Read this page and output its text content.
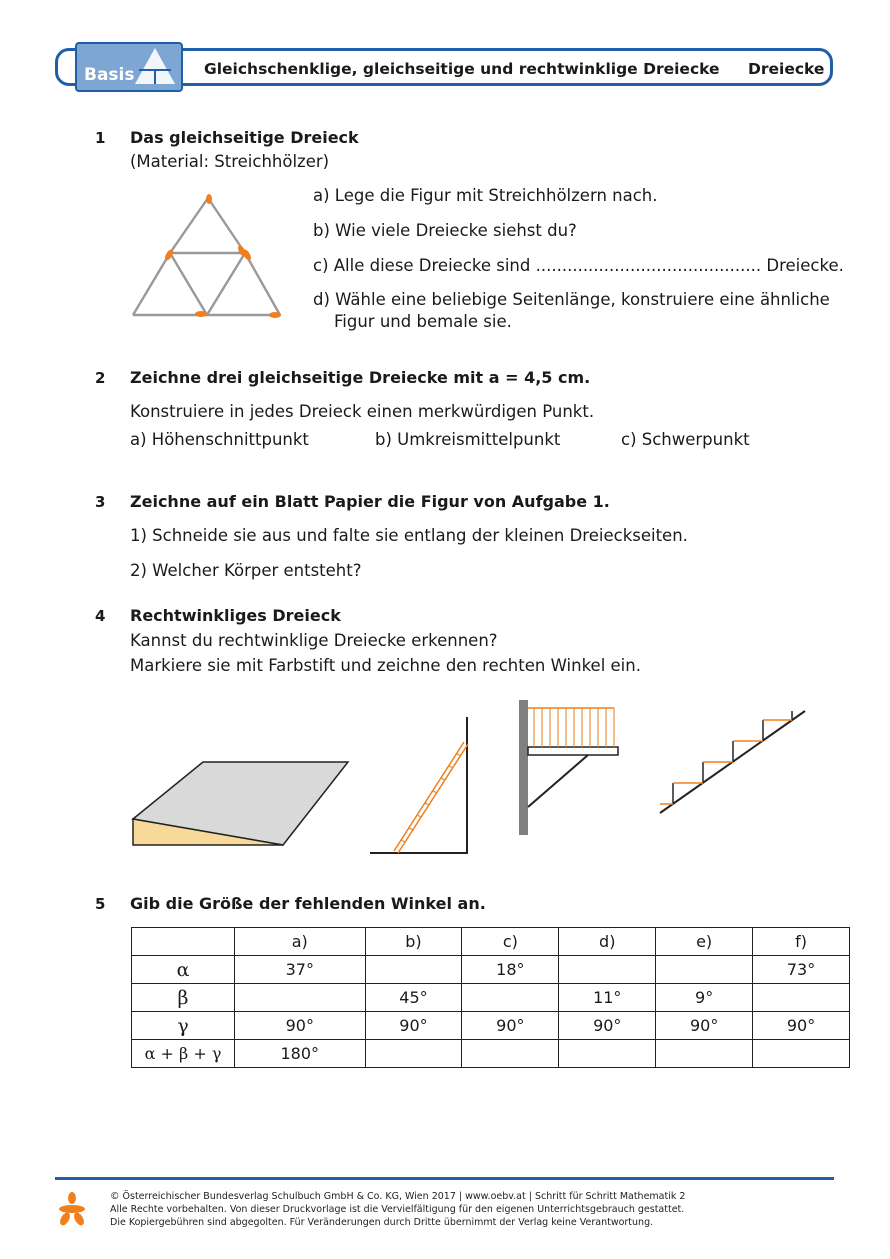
Basis	Gleichschenklige, gleichseitige und rechtwinklige Dreiecke Dreiecke
1 Das gleichseitige Dreieck
(Material: Streichhölzer)
a) Lege die Figur mit Streichhölzern nach.
b) Wie viele Dreiecke siehst du?
c) Alle diese Dreiecke sind ........................................... Dreiecke.
d) Wähle eine beliebige Seitenlänge, konstruiere eine ähnliche
Figur und bemale sie.
2 Zeichne drei gleichseitige Dreiecke mit a = 4,5 cm.
Konstruiere in jedes Dreieck einen merkwürdigen Punkt.
a) Höhenschnittpunkt	b) Umkreismittelpunkt	c) Schwerpunkt
3 Zeichne auf ein Blatt Papier die Figur von Aufgabe 1.
1) Schneide sie aus und falte sie entlang der kleinen Dreieckseiten.
2) Welcher Körper entsteht?
4 Rechtwinkliges Dreieck
Kannst du rechtwinklige Dreiecke erkennen?
Markiere sie mit Farbstift und zeichne den rechten Winkel ein.
5 Gib die Größe der fehlenden Winkel an.
	a)	b)	c)	d)	e)	f)
α	37°		18°			73°
β		45°		11°	9°	
γ	90°	90°	90°	90°	90°	90°
α + β + γ	180°					
© Österreichischer Bundesverlag Schulbuch GmbH & Co. KG, Wien 2017 | www.oebv.at | Schritt für Schritt Mathematik 2
Alle Rechte vorbehalten. Von dieser Druckvorlage ist die Vervielfältigung für den eigenen Unterrichtsgebrauch gestattet.
Die Kopiergebühren sind abgegolten. Für Veränderungen durch Dritte übernimmt der Verlag keine Verantwortung.
